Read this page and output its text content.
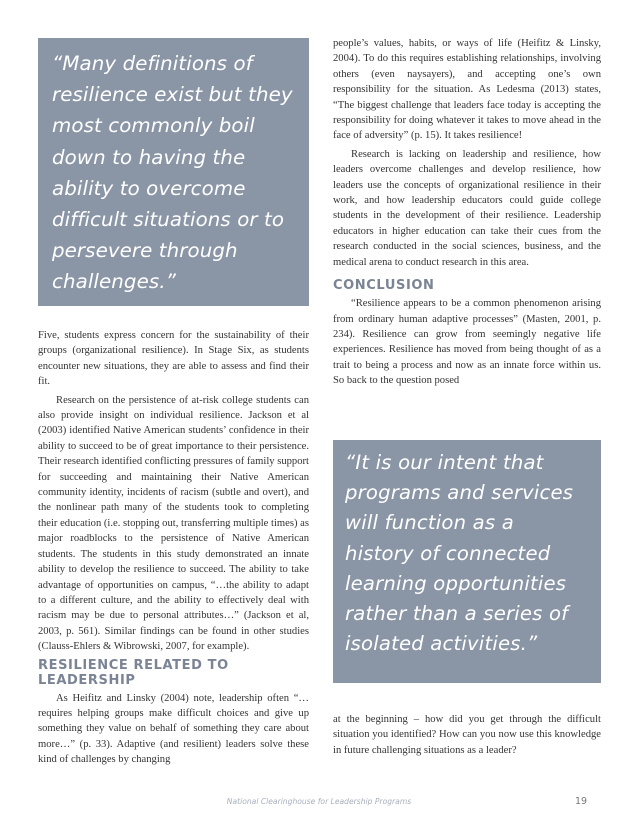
“Many definitions of resilience exist but they most commonly boil down to having the ability to overcome difficult situations or to persevere through challenges.”

Five, students express concern for the sustainability of their groups (organizational resilience). In Stage Six, as students encounter new situations, they are able to assess and find their fit.

Research on the persistence of at-risk college students can also provide insight on individual resilience. Jackson et al (2003) identified Native American students’ confidence in their ability to succeed to be of great importance to their persistence. Their research identified conflicting pressures of family support for succeeding and maintaining their Native American community identity, incidents of racism (subtle and overt), and the nonlinear path many of the students took to completing their education (i.e. stopping out, transferring multiple times) as major roadblocks to the persistence of Native American students. The students in this study demonstrated an innate ability to develop the resilience to succeed. The ability to take advantage of opportunities on campus, “…the ability to adapt to a different culture, and the ability to effectively deal with racism may be due to personal attributes…” (Jackson et al, 2003, p. 561). Similar findings can be found in other studies (Clauss-Ehlers & Wibrowski, 2007, for example).

RESILIENCE RELATED TO LEADERSHIP

As Heifitz and Linsky (2004) note, leadership often “…requires helping groups make difficult choices and give up something they value on behalf of something they care about more…” (p. 33). Adaptive (and resilient) leaders solve these kind of challenges by changing

people’s values, habits, or ways of life (Heifitz & Linsky, 2004). To do this requires establishing relationships, involving others (even naysayers), and accepting one’s own responsibility for the situation. As Ledesma (2013) states, “The biggest challenge that leaders face today is accepting the responsibility for doing whatever it takes to move ahead in the face of adversity” (p. 15). It takes resilience!

Research is lacking on leadership and resilience, how leaders overcome challenges and develop resilience, how leaders use the concepts of organizational resilience in their work, and how leadership educators could guide college students in the development of their resilience. Leadership educators in higher education can take their cues from the research conducted in the social sciences, business, and the medical arena to conduct research in this area.

CONCLUSION

“Resilience appears to be a common phenomenon arising from ordinary human adaptive processes” (Masten, 2001, p. 234). Resilience can grow from seemingly negative life experiences. Resilience has moved from being thought of as a trait to being a process and now as an innate force within us. So back to the question posed

“It is our intent that programs and services will function as a history of connected learning opportunities rather than a series of isolated activities.”

at the beginning – how did you get through the difficult situation you identified? How can you now use this knowledge in future challenging situations as a leader?

National Clearinghouse for Leadership Programs	19
